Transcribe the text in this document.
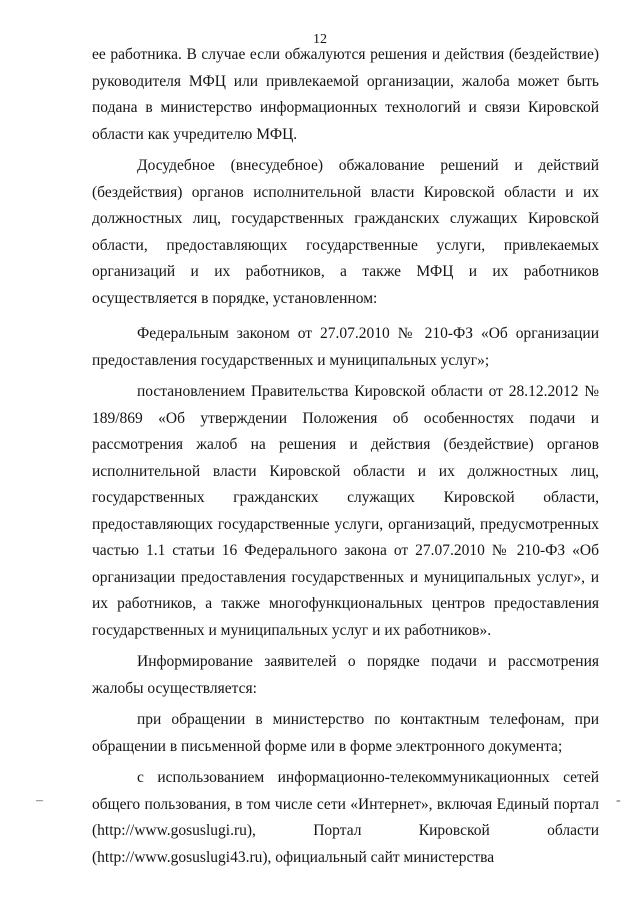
12

ее работника. В случае если обжалуются решения и действия (бездействие) руководителя МФЦ или привлекаемой организации, жалоба может быть подана в министерство информационных технологий и связи Кировской области как учредителю МФЦ.

Досудебное (внесудебное) обжалование решений и действий (бездействия) органов исполнительной власти Кировской области и их должностных лиц, государственных гражданских служащих Кировской области, предоставляющих государственные услуги, привлекаемых организаций и их работников, а также МФЦ и их работников осуществляется в порядке, установленном:

Федеральным законом от 27.07.2010 № 210-ФЗ «Об организации предоставления государственных и муниципальных услуг»;

постановлением Правительства Кировской области от 28.12.2012 № 189/869 «Об утверждении Положения об особенностях подачи и рассмотрения жалоб на решения и действия (бездействие) органов исполнительной власти Кировской области и их должностных лиц, государственных гражданских служащих Кировской области, предоставляющих государственные услуги, организаций, предусмотренных частью 1.1 статьи 16 Федерального закона от 27.07.2010 № 210-ФЗ «Об организации предоставления государственных и муниципальных услуг», и их работников, а также многофункциональных центров предоставления государственных и муниципальных услуг и их работников».

Информирование заявителей о порядке подачи и рассмотрения жалобы осуществляется:

при обращении в министерство по контактным телефонам, при обращении в письменной форме или в форме электронного документа;

с использованием информационно-телекоммуникационных сетей общего пользования, в том числе сети «Интернет», включая Единый портал (http://www.gosuslugi.ru), Портал Кировской области (http://www.gosuslugi43.ru), официальный сайт министерства

–	-
